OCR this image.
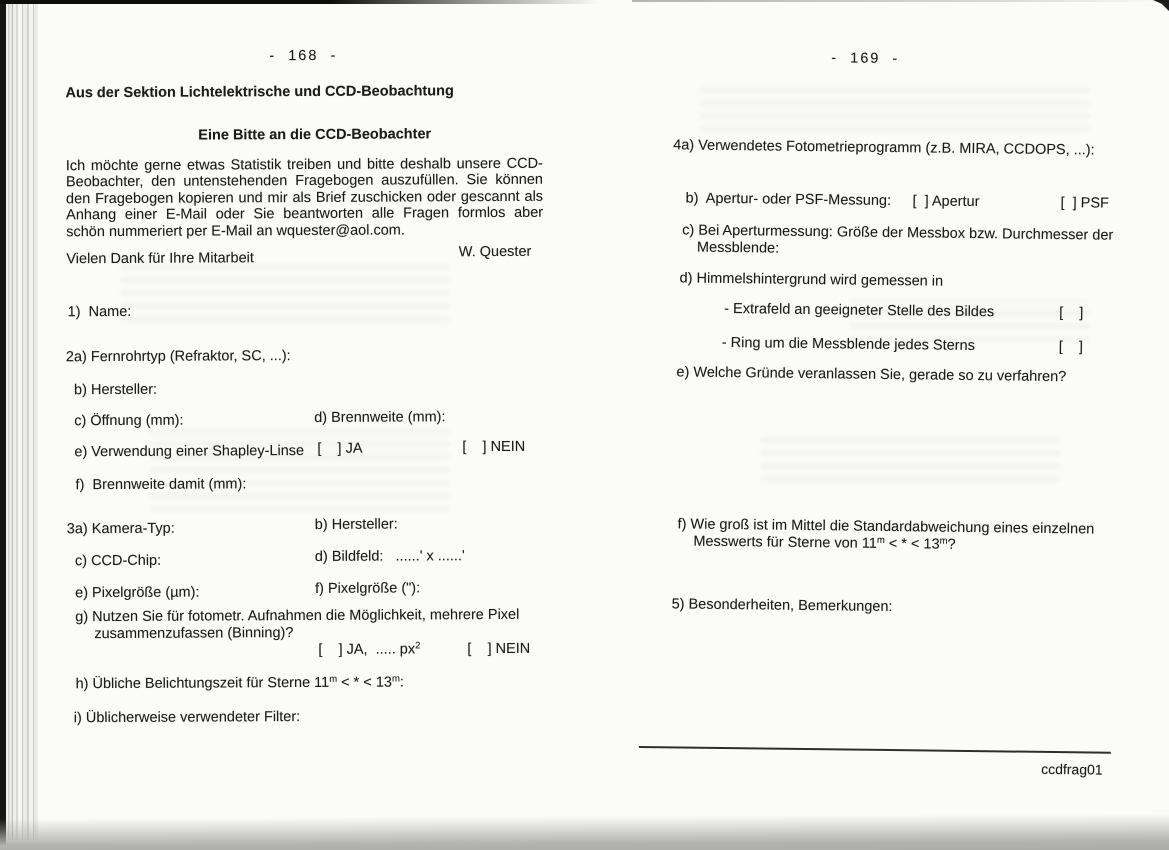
-  168  -
Aus der Sektion Lichtelektrische und CCD-Beobachtung
Eine Bitte an die CCD-Beobachter

Ich möchte gerne etwas Statistik treiben und bitte deshalb unsere CCD-Beobachter, den untenstehenden Fragebogen auszufüllen. Sie können den Fragebogen kopieren und mir als Brief zuschicken oder gescannt als Anhang einer E-Mail oder Sie beantworten alle Fragen formlos aber schön nummeriert per E-Mail an wquester@aol.com.

Vielen Dank für Ihre Mitarbeit	W. Quester
1)  Name:
2a) Fernrohrtyp (Refraktor, SC, ...):
b) Hersteller:
c) Öffnung (mm):	d) Brennweite (mm):
e) Verwendung einer Shapley-Linse [    ] JA	[    ] NEIN
f)  Brennweite damit (mm):
3a) Kamera-Typ:	b) Hersteller:
c) CCD-Chip:	d) Bildfeld:   ......' x ......'
e) Pixelgröße (µm):	f) Pixelgröße ("):
g) Nutzen Sie für fotometr. Aufnahmen die Möglichkeit, mehrere Pixel
zusammenzufassen (Binning)?
[    ] JA,  ..... $px^2$	[    ] NEIN
h) Übliche Belichtungszeit für Sterne $11^m$ < * < $13^m$:
i) Üblicherweise verwendeter Filter:
-  169  -
4a) Verwendetes Fotometrieprogramm (z.B. MIRA, CCDOPS, ...):
b)  Apertur- oder PSF-Messung: [  ] Apertur	[  ] PSF
c) Bei Aperturmessung: Größe der Messbox bzw. Durchmesser der
Messblende:
d) Himmelshintergrund wird gemessen in
- Extrafeld an geeigneter Stelle des Bildes	[    ]
- Ring um die Messblende jedes Sterns	[    ]
e) Welche Gründe veranlassen Sie, gerade so zu verfahren?
f) Wie groß ist im Mittel die Standardabweichung eines einzelnen
Messwerts für Sterne von $11^m$ < * < $13^m$?
5) Besonderheiten, Bemerkungen:
ccdfrag01
